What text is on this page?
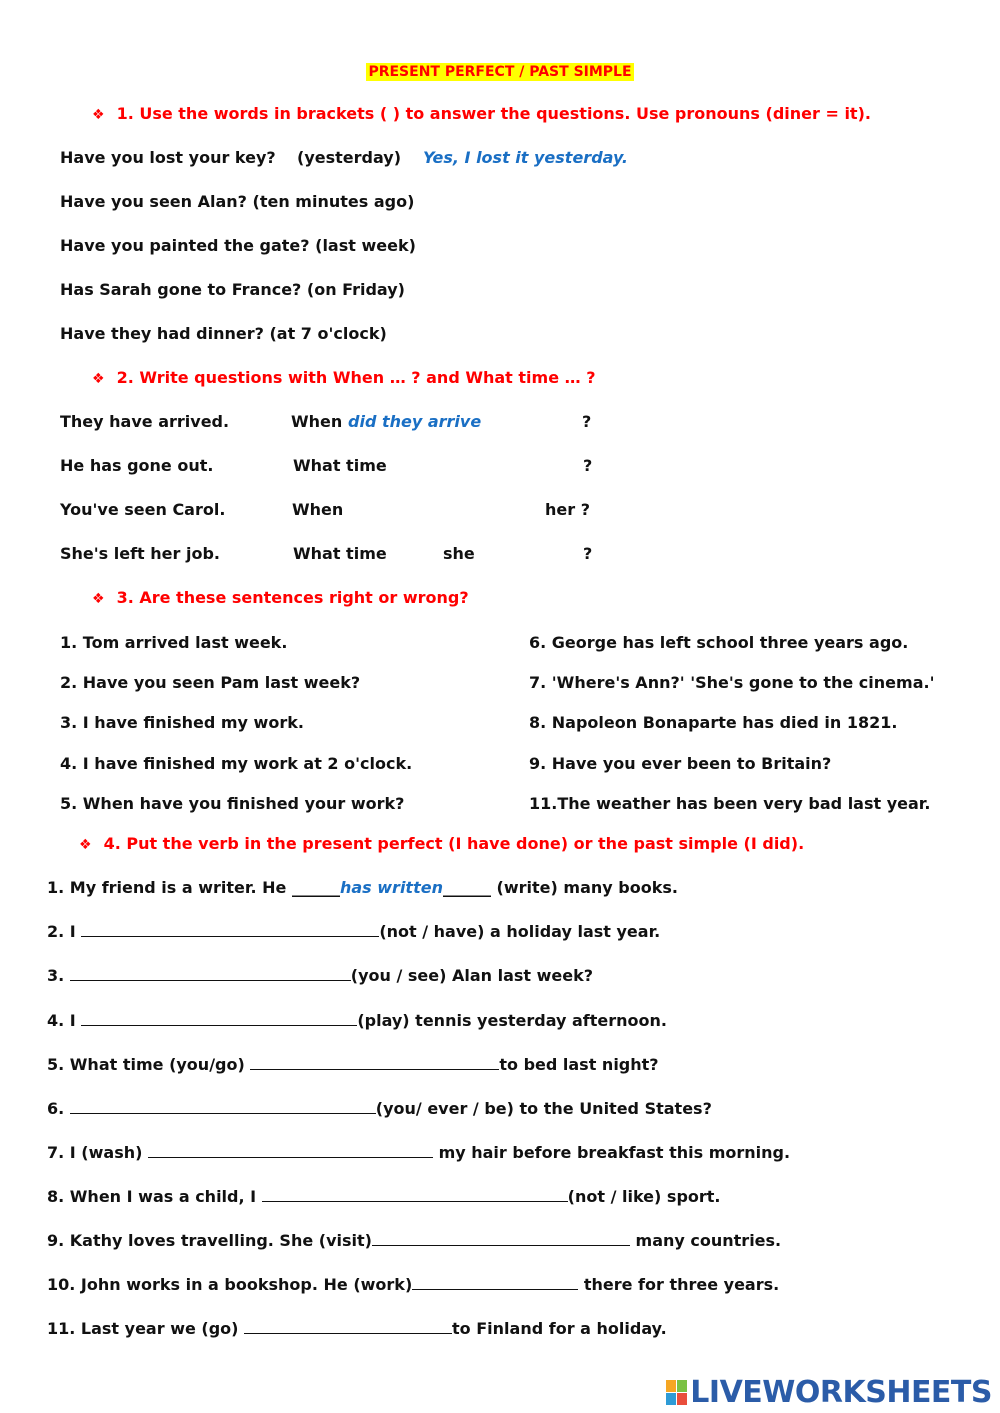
PRESENT PERFECT / PAST SIMPLE
❖ 1. Use the words in brackets ( ) to answer the questions. Use pronouns (diner = it).
Have you lost your key? (yesterday) Yes, I lost it yesterday.
Have you seen Alan? (ten minutes ago)
Have you painted the gate? (last week)
Has Sarah gone to France? (on Friday)
Have they had dinner? (at 7 o'clock)
❖ 2. Write questions with When … ? and What time … ?
They have arrived.	When did they arrive	?
He has gone out.	What time	?
You've seen Carol.	When	her ?
She's left her job.	What time	she	?
❖ 3. Are these sentences right or wrong?
1. Tom arrived last week.
2. Have you seen Pam last week?
3. I have finished my work.
4. I have finished my work at 2 o'clock.
5. When have you finished your work?
6. George has left school three years ago.
7. 'Where's Ann?' 'She's gone to the cinema.'
8. Napoleon Bonaparte has died in 1821.
9. Have you ever been to Britain?
11.The weather has been very bad last year.
❖ 4. Put the verb in the present perfect (I have done) or the past simple (I did).
1. My friend is a writer. He ______has written______ (write) many books.
2. I	(not / have) a holiday last year.
3.	(you / see) Alan last week?
4. I	(play) tennis yesterday afternoon.
5. What time (you/go)	to bed last night?
6.	(you/ ever / be) to the United States?
7. I (wash)	my hair before breakfast this morning.
8. When I was a child, I	(not / like) sport.
9. Kathy loves travelling. She (visit)	many countries.
10. John works in a bookshop. He (work)	there for three years.
11. Last year we (go)	to Finland for a holiday.
LIVEWORKSHEETS
